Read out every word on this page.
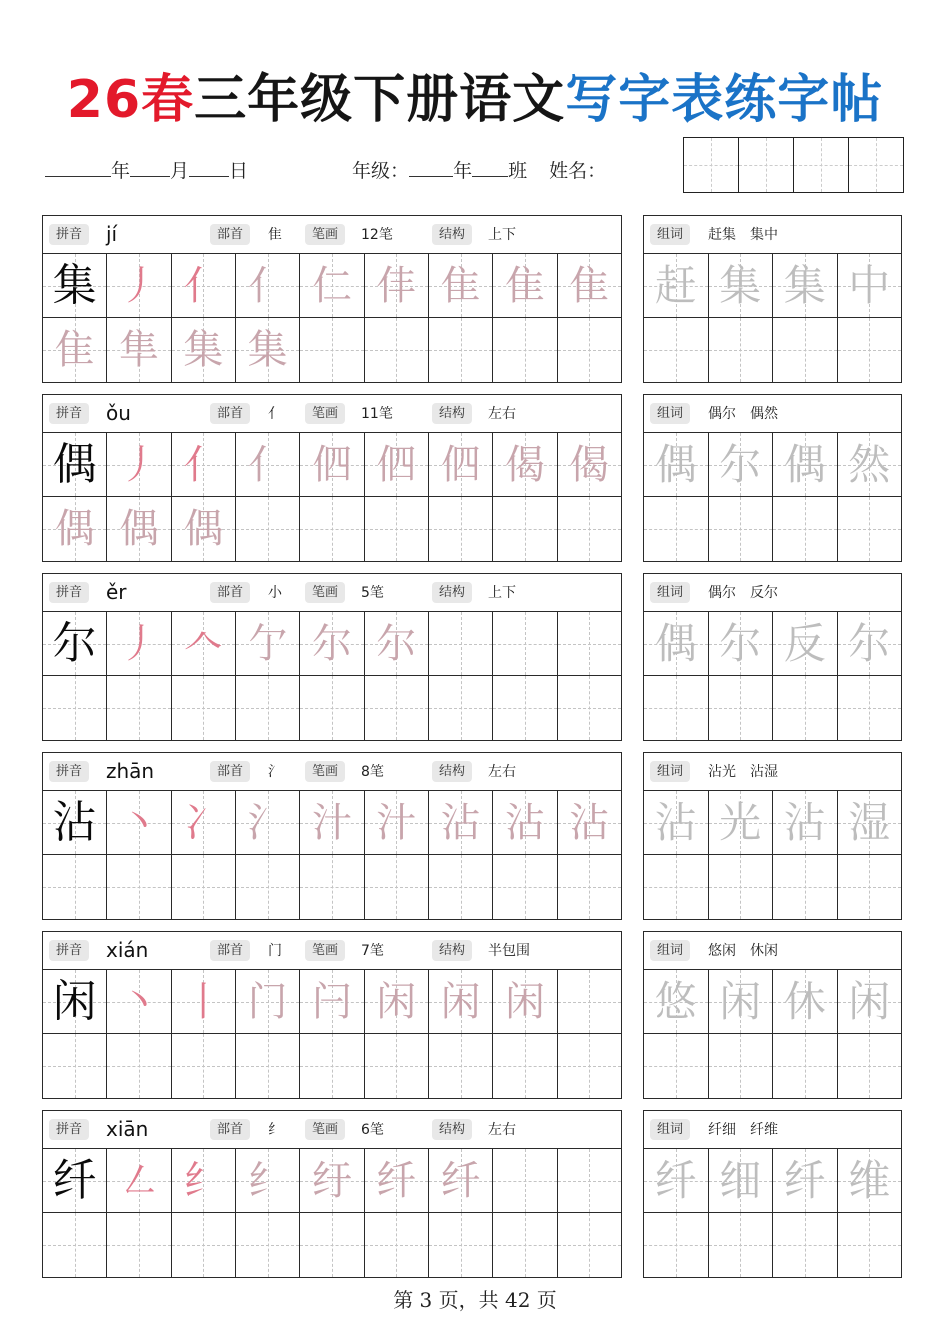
26春三年级下册语文写字表练字帖
年 月 日	年级： 年 班 姓名：
拼音	jí	部首	隹	笔画	12笔	结构	上下
集 丿 亻 亻 仁 仹 隹 隹 隹
隹 隼 集 集
组词	赶集　集中
赶 集 集 中
拼音	ǒu	部首	亻	笔画	11笔	结构	左右
偶 丿 亻 亻 伵 伵 伵 偈 偈
偶 偶 偶
组词	偶尔　偶然
偶 尔 偶 然
拼音	ěr	部首	小	笔画	5笔	结构	上下
尔 丿 𠆢 亇 尔 尔
组词	偶尔　反尔
偶 尔 反 尔
拼音	zhān	部首	氵	笔画	8笔	结构	左右
沾 丶 冫 氵 汁 汁 沾 沾 沾
组词	沾光　沾湿
沾 光 沾 湿
拼音	xián	部首	门	笔画	7笔	结构	半包围
闲 丶 丨 门 闩 闲 闲 闲
组词	悠闲　休闲
悠 闲 休 闲
拼音	xiān	部首	纟	笔画	6笔	结构	左右
纤 ㇜ 纟 纟 纡 纤 纤
组词	纤细　纤维
纤 细 纤 维
第 3 页，共 42 页
